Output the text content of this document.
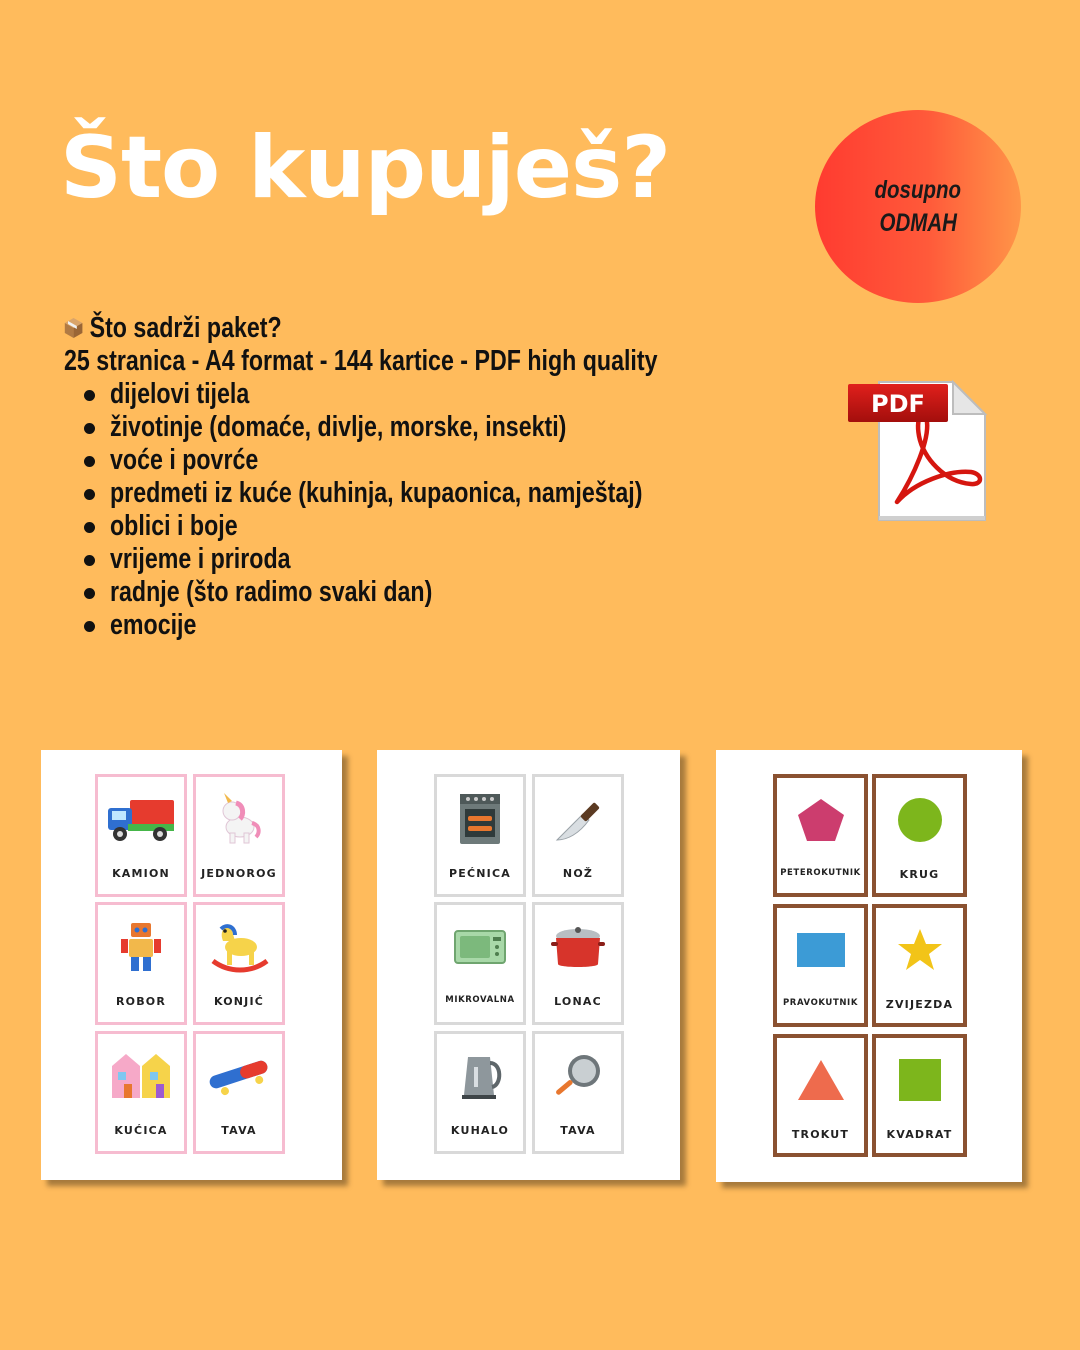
Što kupuješ?	dosupno
ODMAH
Što sadrži paket?
25 stranica - A4 format - 144 kartice - PDF high quality
dijelovi tijela
životinje (domaće, divlje, morske, insekti)
voće i povrće
predmeti iz kuće (kuhinja, kupaonica, namještaj)
oblici i boje
vrijeme i priroda
radnje (što radimo svaki dan)
emocije
PDF
KAMION	JEDNOROG
ROBOR	KONJIĆ
KUĆICA	TAVA
PEĆNICA	NOŽ
MIKROVALNA	LONAC
KUHALO	TAVA
PETEROKUTNIK	KRUG
PRAVOKUTNIK	ZVIJEZDA
TROKUT	KVADRAT
